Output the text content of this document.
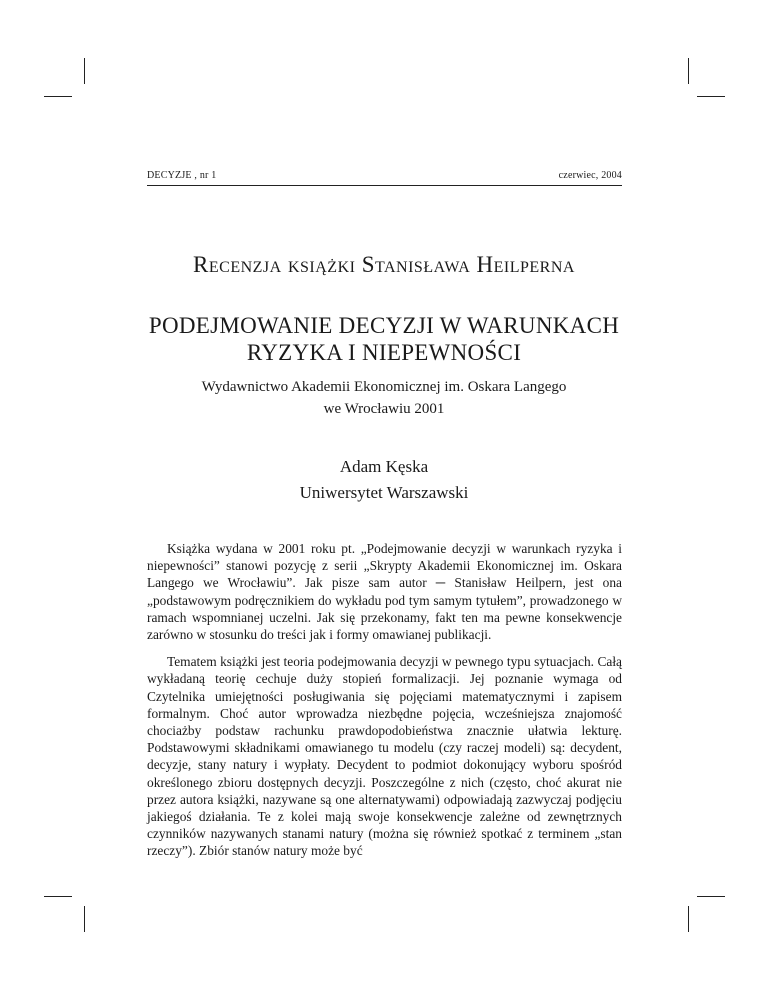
DECYZJE , nr 1	czerwiec, 2004
Recenzja książki Stanisława Heilperna
PODEJMOWANIE DECYZJI W WARUNKACH
RYZYKA I NIEPEWNOŚCI
Wydawnictwo Akademii Ekonomicznej im. Oskara Langego
we Wrocławiu 2001
Adam Kęska
Uniwersytet Warszawski

Książka wydana w 2001 roku pt. „Podejmowanie decyzji w warunkach ryzyka i niepewności” stanowi pozycję z serii „Skrypty Akademii Ekonomicznej im. Oskara Langego we Wrocławiu”. Jak pisze sam autor ─ Stanisław Heilpern, jest ona „podstawowym podręcznikiem do wykładu pod tym samym tytułem”, prowadzonego w ramach wspomnianej uczelni. Jak się przekonamy, fakt ten ma pewne konsekwencje zarówno w stosunku do treści jak i formy omawianej publikacji.

Tematem książki jest teoria podejmowania decyzji w pewnego typu sytuacjach. Całą wykładaną teorię cechuje duży stopień formalizacji. Jej poznanie wymaga od Czytelnika umiejętności posługiwania się pojęciami matematycznymi i zapisem formalnym. Choć autor wprowadza niezbędne pojęcia, wcześniejsza znajomość chociażby podstaw rachunku prawdopodobieństwa znacznie ułatwia lekturę. Podstawowymi składnikami omawianego tu modelu (czy raczej modeli) są: decydent, decyzje, stany natury i wypłaty. Decydent to podmiot dokonujący wyboru spośród określonego zbioru dostępnych decyzji. Poszczególne z nich (często, choć akurat nie przez autora książki, nazywane są one alternatywami) odpowiadają zazwyczaj podjęciu jakiegoś działania. Te z kolei mają swoje konsekwencje zależne od zewnętrznych czynników nazywanych stanami natury (można się również spotkać z terminem „stan rzeczy”). Zbiór stanów natury może być
